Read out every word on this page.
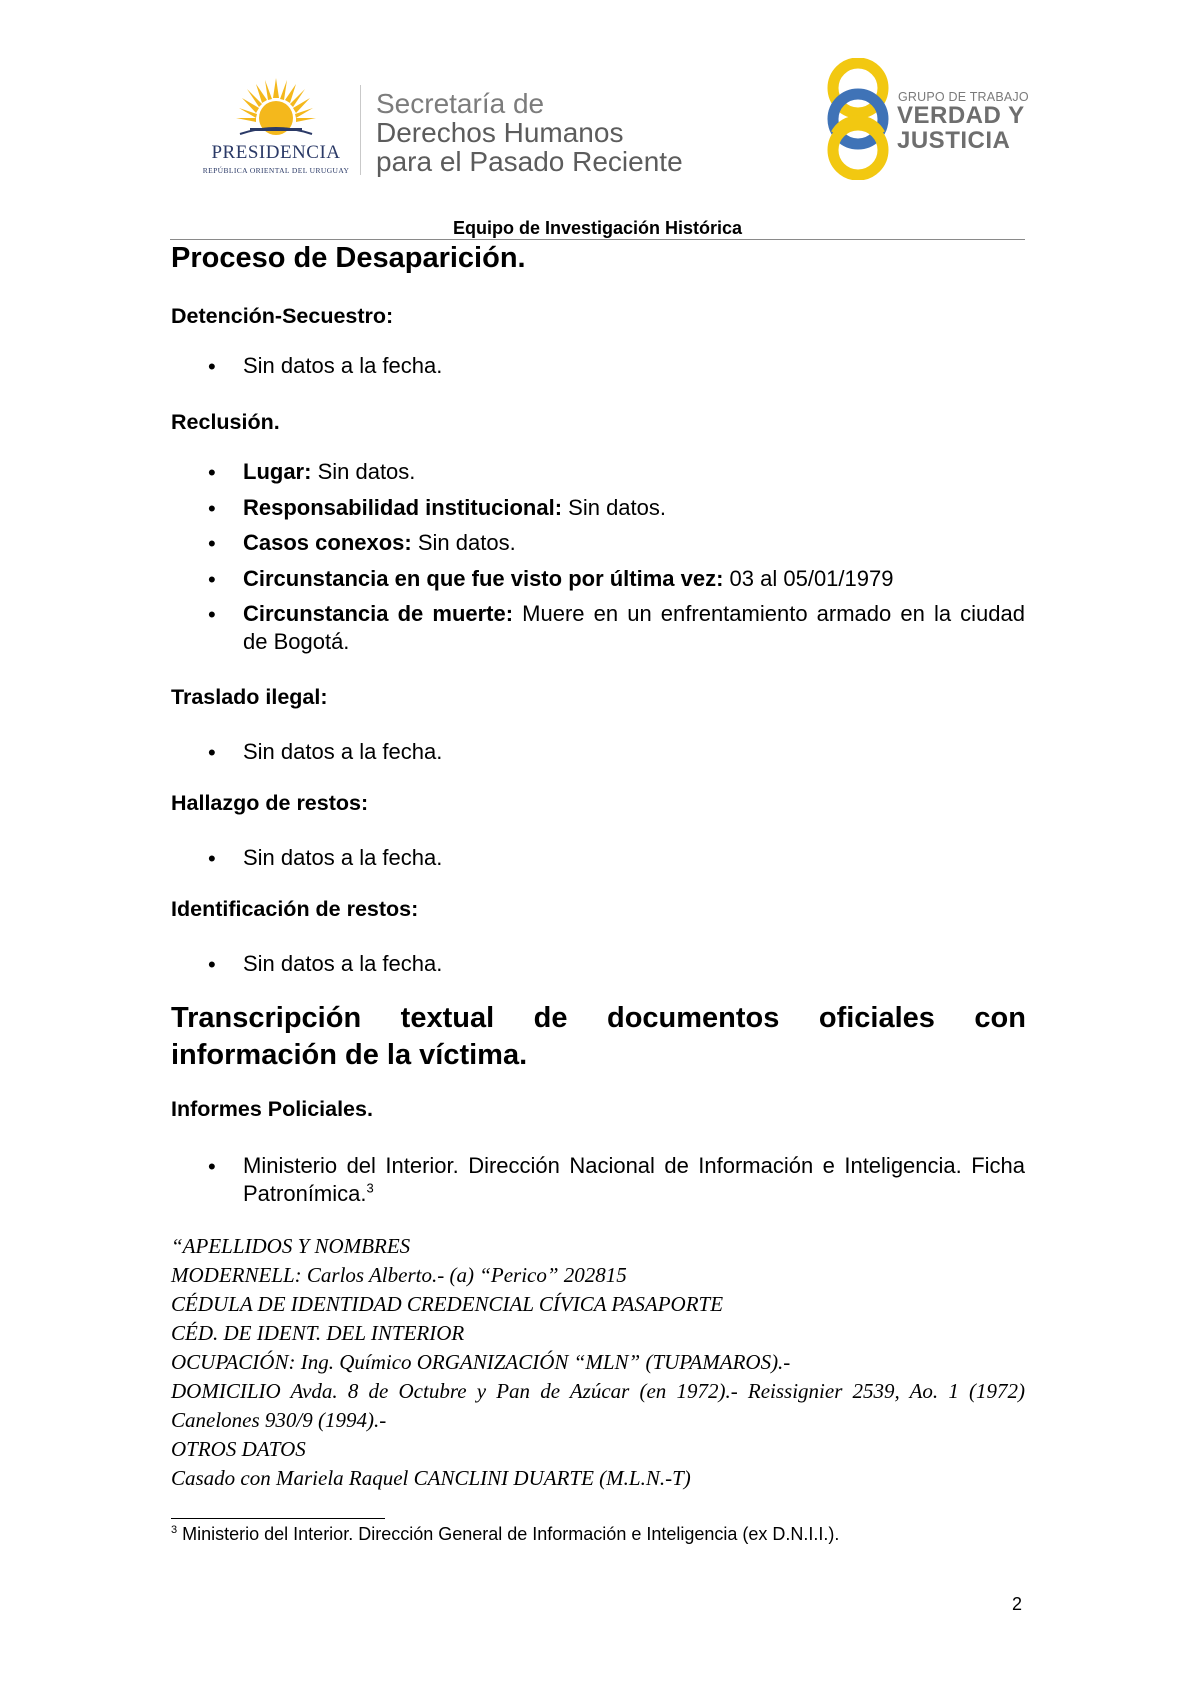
PRESIDENCIA
REPÚBLICA ORIENTAL DEL URUGUAY
Secretaría de
Derechos Humanos
para el Pasado Reciente
GRUPO DE TRABAJO
VERDAD Y
JUSTICIA
Equipo de Investigación Histórica
Proceso de Desaparición.
Detención-Secuestro:
• Sin datos a la fecha.
Reclusión.
• Lugar: Sin datos.
• Responsabilidad institucional: Sin datos.
• Casos conexos: Sin datos.
• Circunstancia en que fue visto por última vez: 03 al 05/01/1979
• Circunstancia de muerte: Muere en un enfrentamiento armado en la ciudad de Bogotá.
Traslado ilegal:
• Sin datos a la fecha.
Hallazgo de restos:
• Sin datos a la fecha.
Identificación de restos:
• Sin datos a la fecha.
Transcripción textual de documentos oficiales con información de la víctima.
Informes Policiales.
• Ministerio del Interior. Dirección Nacional de Información e Inteligencia. Ficha Patronímica.$^3$
“APELLIDOS Y NOMBRES
MODERNELL: Carlos Alberto.- (a) “Perico” 202815
CÉDULA DE IDENTIDAD CREDENCIAL CÍVICA PASAPORTE
CÉD. DE IDENT. DEL INTERIOR
OCUPACIÓN: Ing. Químico ORGANIZACIÓN “MLN” (TUPAMAROS).-
DOMICILIO Avda. 8 de Octubre y Pan de Azúcar (en 1972).- Reissignier 2539, Ao. 1 (1972)
Canelones 930/9 (1994).-
OTROS DATOS
Casado con Mariela Raquel CANCLINI DUARTE (M.L.N.-T)
$^3$ Ministerio del Interior. Dirección General de Información e Inteligencia (ex D.N.I.I.).
2
